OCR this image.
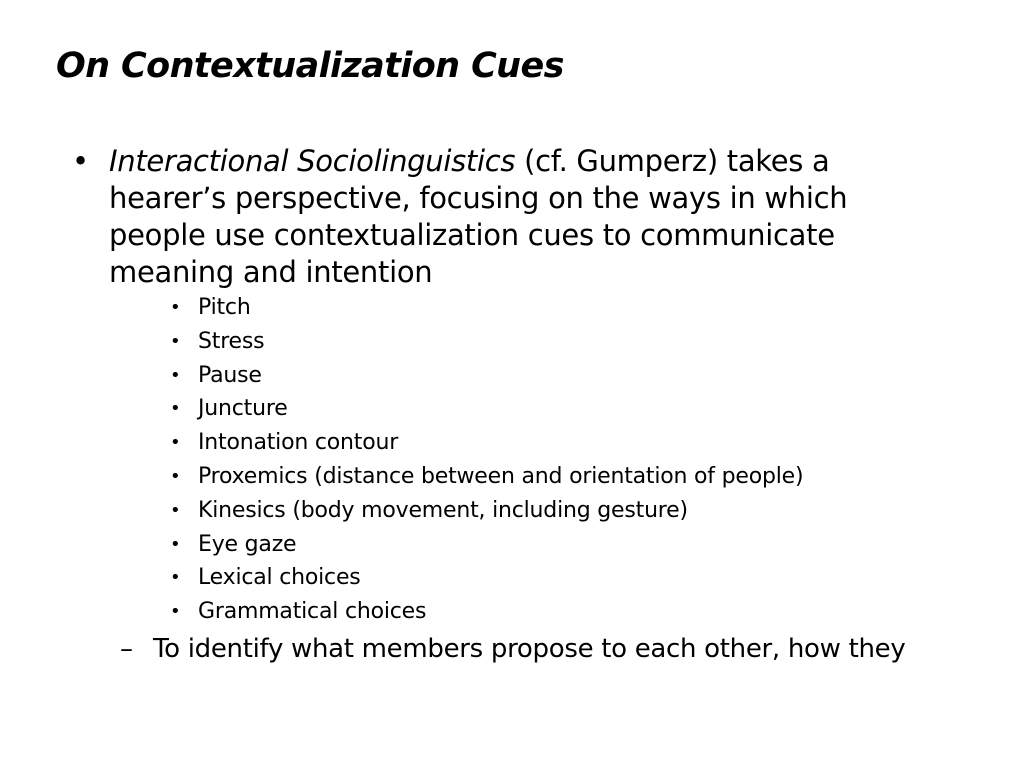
On Contextualization Cues
• Interactional Sociolinguistics (cf. Gumperz) takes a hearer’s perspective, focusing on the ways in which people use contextualization cues to communicate meaning and intention
• Pitch
• Stress
• Pause
• Juncture
• Intonation contour
• Proxemics (distance between and orientation of people)
• Kinesics (body movement, including gesture)
• Eye gaze
• Lexical choices
• Grammatical choices
– To identify what members propose to each other, how they
